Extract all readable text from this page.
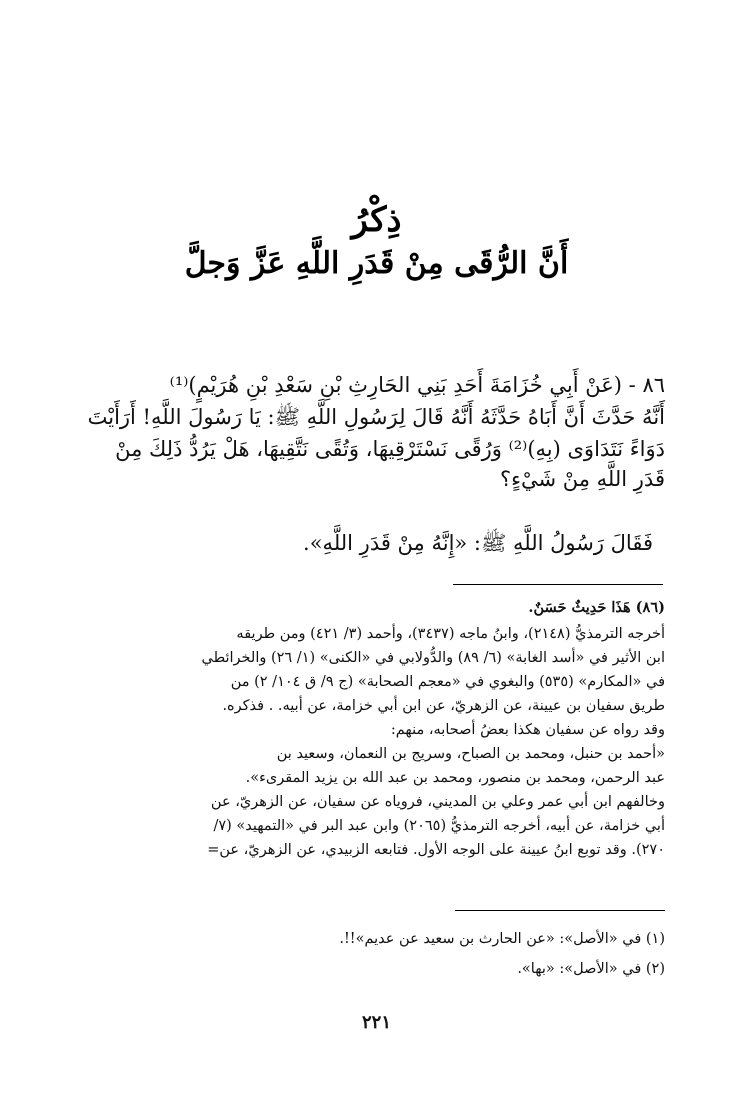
ذِكْرُ
أَنَّ الرُّقَى مِنْ قَدَرِ اللَّهِ عَزَّ وَجلَّ
٨٦ - (عَنْ أَبِي خُزَامَةَ أَحَدِ بَنِي الحَارِثِ بْنِ سَعْدِ بْنِ هُرَيْمٍ)⁽¹⁾
أَنَّهُ حَدَّثَ أَنَّ أَبَاهُ حَدَّثَهُ أَنَّهُ قَالَ لِرَسُولِ اللَّهِ ﷺ: يَا رَسُولَ اللَّهِ! أَرَأَيْتَ
دَوَاءً نَتَدَاوَى (بِهِ)⁽²⁾ وَرُقًى نَسْتَرْقِيهَا، وَتُقًى نَتَّقِيهَا، هَلْ يَرُدُّ ذَلِكَ مِنْ
قَدَرِ اللَّهِ مِنْ شَيْءٍ؟
فَقَالَ رَسُولُ اللَّهِ ﷺ: «إِنَّهُ مِنْ قَدَرِ اللَّهِ».
(٨٦) هَذَا حَدِيثٌ حَسَنٌ.
أخرجه الترمذيُّ (٢١٤٨)، وابنُ ماجه (٣٤٣٧)، وأحمد (٣/ ٤٢١) ومن طريقه
ابن الأثير في «أسد الغابة» (٦/ ٨٩) والدُّولابي في «الكنى» (١/ ٢٦) والخرائطي
في «المكارم» (٥٣٥) والبغوي في «معجم الصحابة» (ج ٩/ ق ١٠٤/ ٢) من
طريق سفيان بن عيينة، عن الزهريّ، عن ابن أبي خزامة، عن أبيه. . فذكره.
وقد رواه عن سفيان هكذا بعضُ أصحابه، منهم:
«أحمد بن حنبل، ومحمد بن الصباح، وسريج بن النعمان، وسعيد بن
عبد الرحمن، ومحمد بن منصور، ومحمد بن عبد الله بن يزيد المقرىء».
وخالفهم ابن أبي عمر وعلي بن المديني، فروياه عن سفيان، عن الزهريّ، عن
أبي خزامة، عن أبيه، أخرجه الترمذيُّ (٢٠٦٥) وابن عبد البر في «التمهيد» (٧/
٢٧٠). وقد توبع ابنُ عيينة على الوجه الأول. فتابعه الزبيدي، عن الزهريّ، عن=
(١) في «الأصل»: «عن الحارث بن سعيد عن عديم»!!.
(٢) في «الأصل»: «بها».
٢٢١
